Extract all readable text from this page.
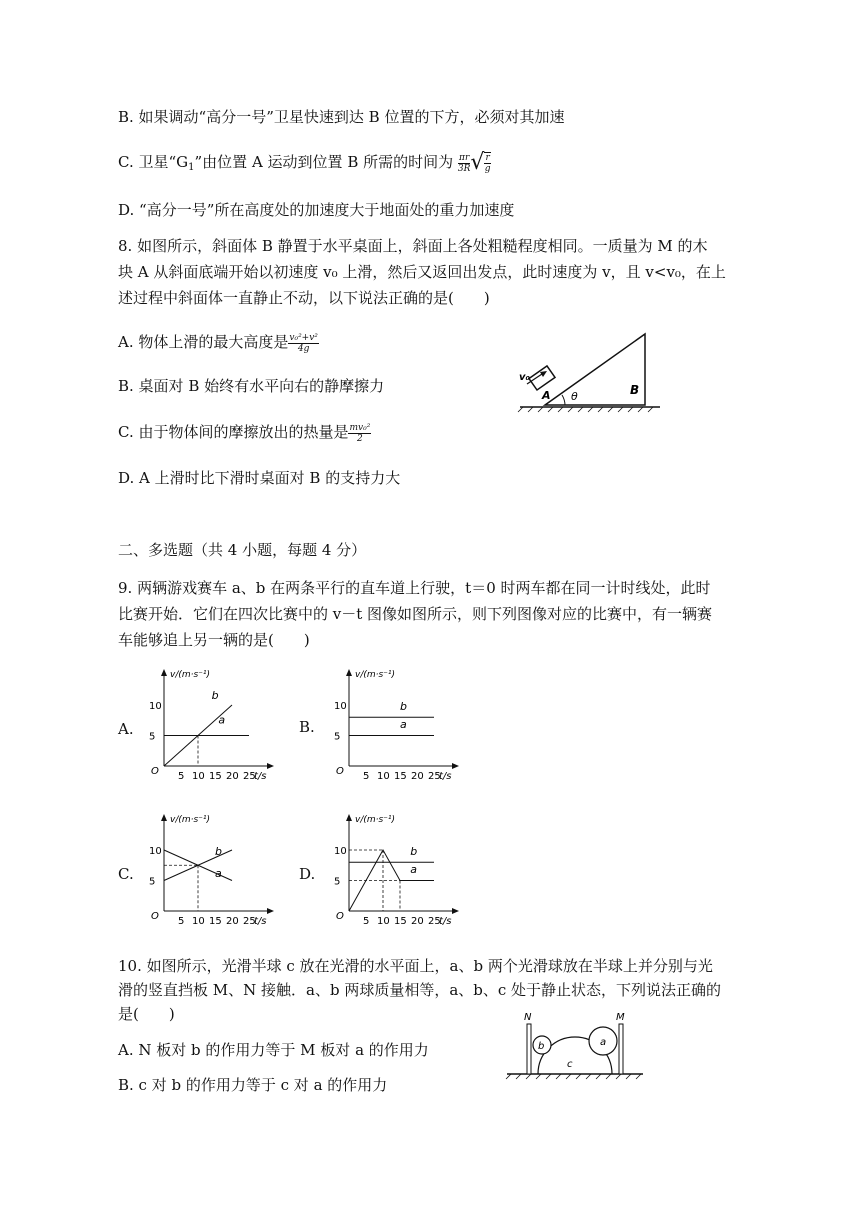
B. 如果调动“高分一号”卫星快速到达 B 位置的下方，必须对其加速
C. 卫星“$G_1$”由位置 A 运动到位置 B 所需的时间为 $\frac{\pi r}{3R}$ √ $\frac{r}{g}$
D. “高分一号”所在高度处的加速度大于地面处的重力加速度
8. 如图所示，斜面体 B 静置于水平桌面上，斜面上各处粗糙程度相同。一质量为 M 的木
块 A 从斜面底端开始以初速度 v₀ 上滑，然后又返回出发点，此时速度为 v，且 v<v₀，在上
述过程中斜面体一直静止不动，以下说法正确的是(　　)
A. 物体上滑的最大高度是 $\frac{\text{v₀²+v²}}{4g}$
B. 桌面对 B 始终有水平向右的静摩擦力
C. 由于物体间的摩擦放出的热量是 $\frac{\text{mv₀²}}{2}$
D. A 上滑时比下滑时桌面对 B 的支持力大
A
v₀
θ	B
二、多选题（共 4 小题，每题 4 分）
9. 两辆游戏赛车 a、b 在两条平行的直车道上行驶，t＝0 时两车都在同一计时线处，此时
比赛开始．它们在四次比赛中的 v－t 图像如图所示，则下列图像对应的比赛中，有一辆赛
车能够追上另一辆的是(　　)
A.	B.
C.	D.
v/(m·s⁻¹)
t/s
O
10
5
5 10 15 20 25
a
b
v/(m·s⁻¹)
t/s
O
10
5
5 10 15 20 25
a
b
v/(m·s⁻¹)
t/s
O
10
5
5 10 15 20 25
a
b
v/(m·s⁻¹)
t/s
O
10
5
5 10 15 20 25
a
b
10. 如图所示，光滑半球 c 放在光滑的水平面上，a、b 两个光滑球放在半球上并分别与光
滑的竖直挡板 M、N 接触．a、b 两球质量相等，a、b、c 处于静止状态，下列说法正确的
是(　　)
A. N 板对 b 的作用力等于 M 板对 a 的作用力
B. c 对 b 的作用力等于 c 对 a 的作用力
N	M
b	a
c
